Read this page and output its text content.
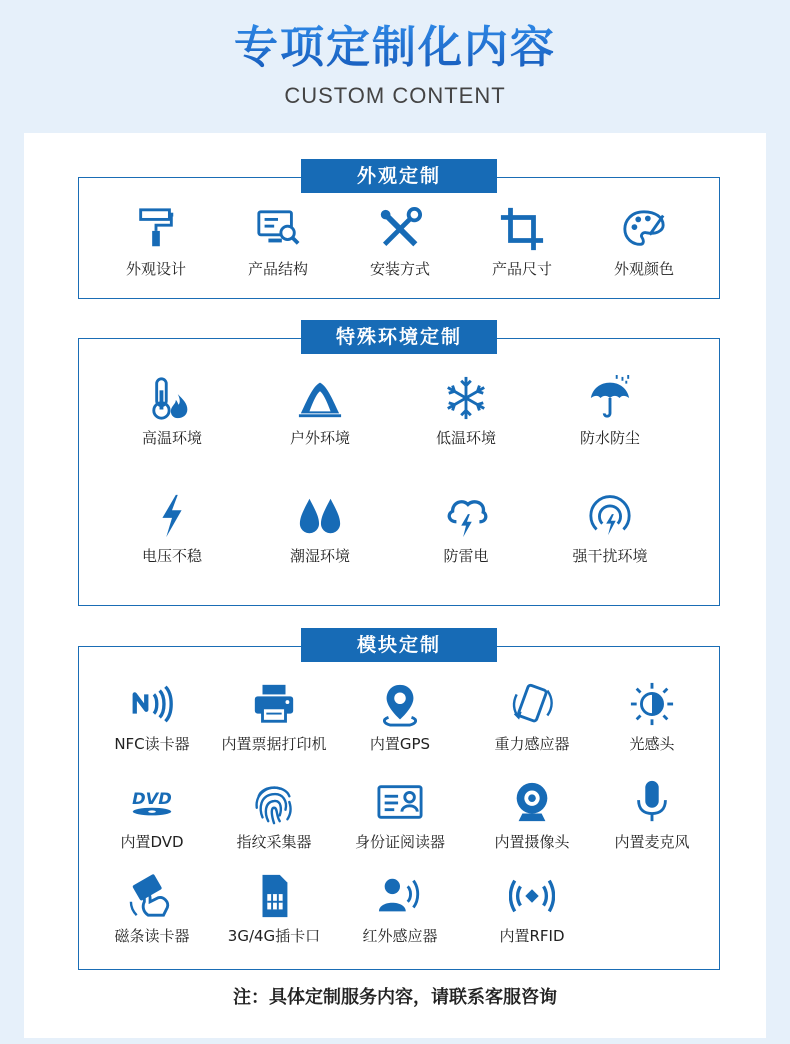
专项定制化内容
CUSTOM CONTENT
外观定制
外观设计	产品结构	安装方式	产品尺寸	外观颜色
特殊环境定制
高温环境	户外环境	低温环境	防水防尘
电压不稳	潮湿环境	防雷电	强干扰环境
模块定制
NFC读卡器	内置票据打印机	内置GPS	重力感应器	光感头
DVD
内置DVD	指纹采集器	身份证阅读器	内置摄像头	内置麦克风
磁条读卡器	3G/4G插卡口	红外感应器	内置RFID
注：具体定制服务内容，请联系客服咨询
